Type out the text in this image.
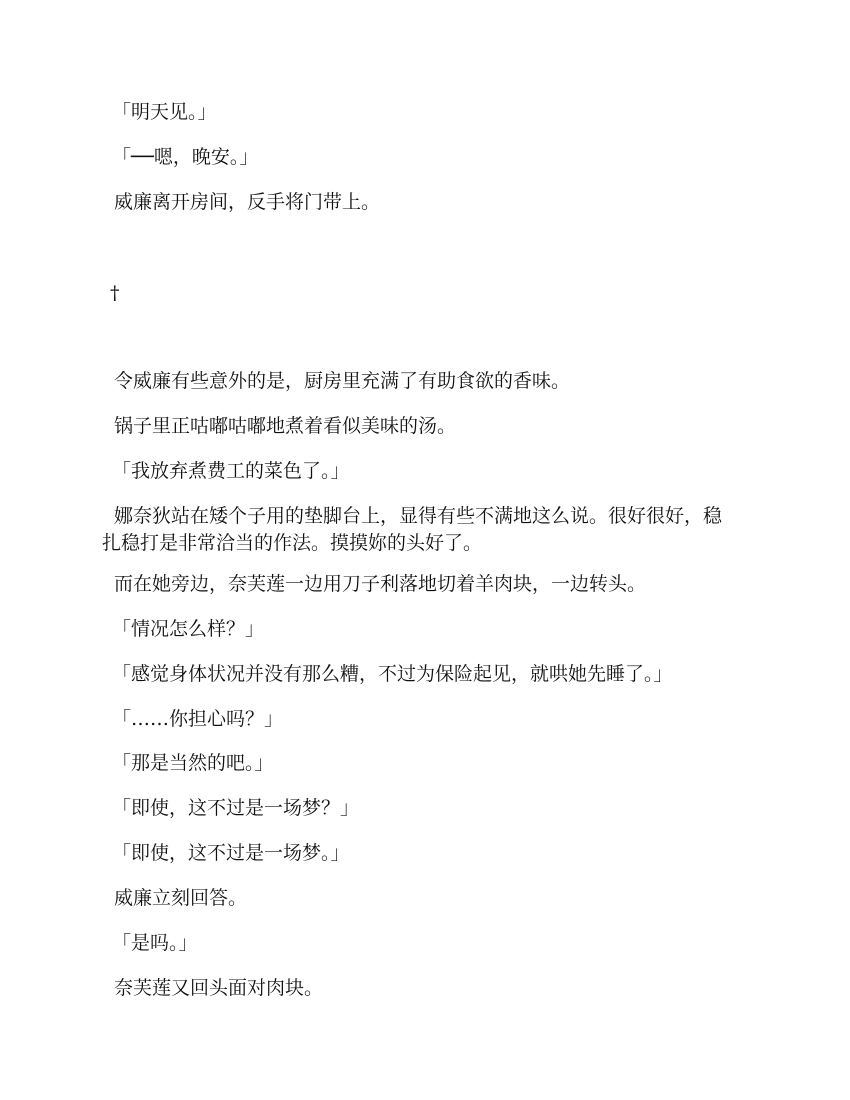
「明天见。」

「──嗯，晚安。」

威廉离开房间，反手将门带上。

†

令威廉有些意外的是，厨房里充满了有助食欲的香味。

锅子里正咕嘟咕嘟地煮着看似美味的汤。

「我放弃煮费工的菜色了。」

娜奈狄站在矮个子用的垫脚台上，显得有些不满地这么说。很好很好，稳扎稳打是非常洽当的作法。摸摸妳的头好了。

而在她旁边，奈芙莲一边用刀子利落地切着羊肉块，一边转头。

「情况怎么样？」

「感觉身体状况并没有那么糟，不过为保险起见，就哄她先睡了。」

「……你担心吗？」

「那是当然的吧。」

「即使，这不过是一场梦？」

「即使，这不过是一场梦。」

威廉立刻回答。

「是吗。」

奈芙莲又回头面对肉块。
